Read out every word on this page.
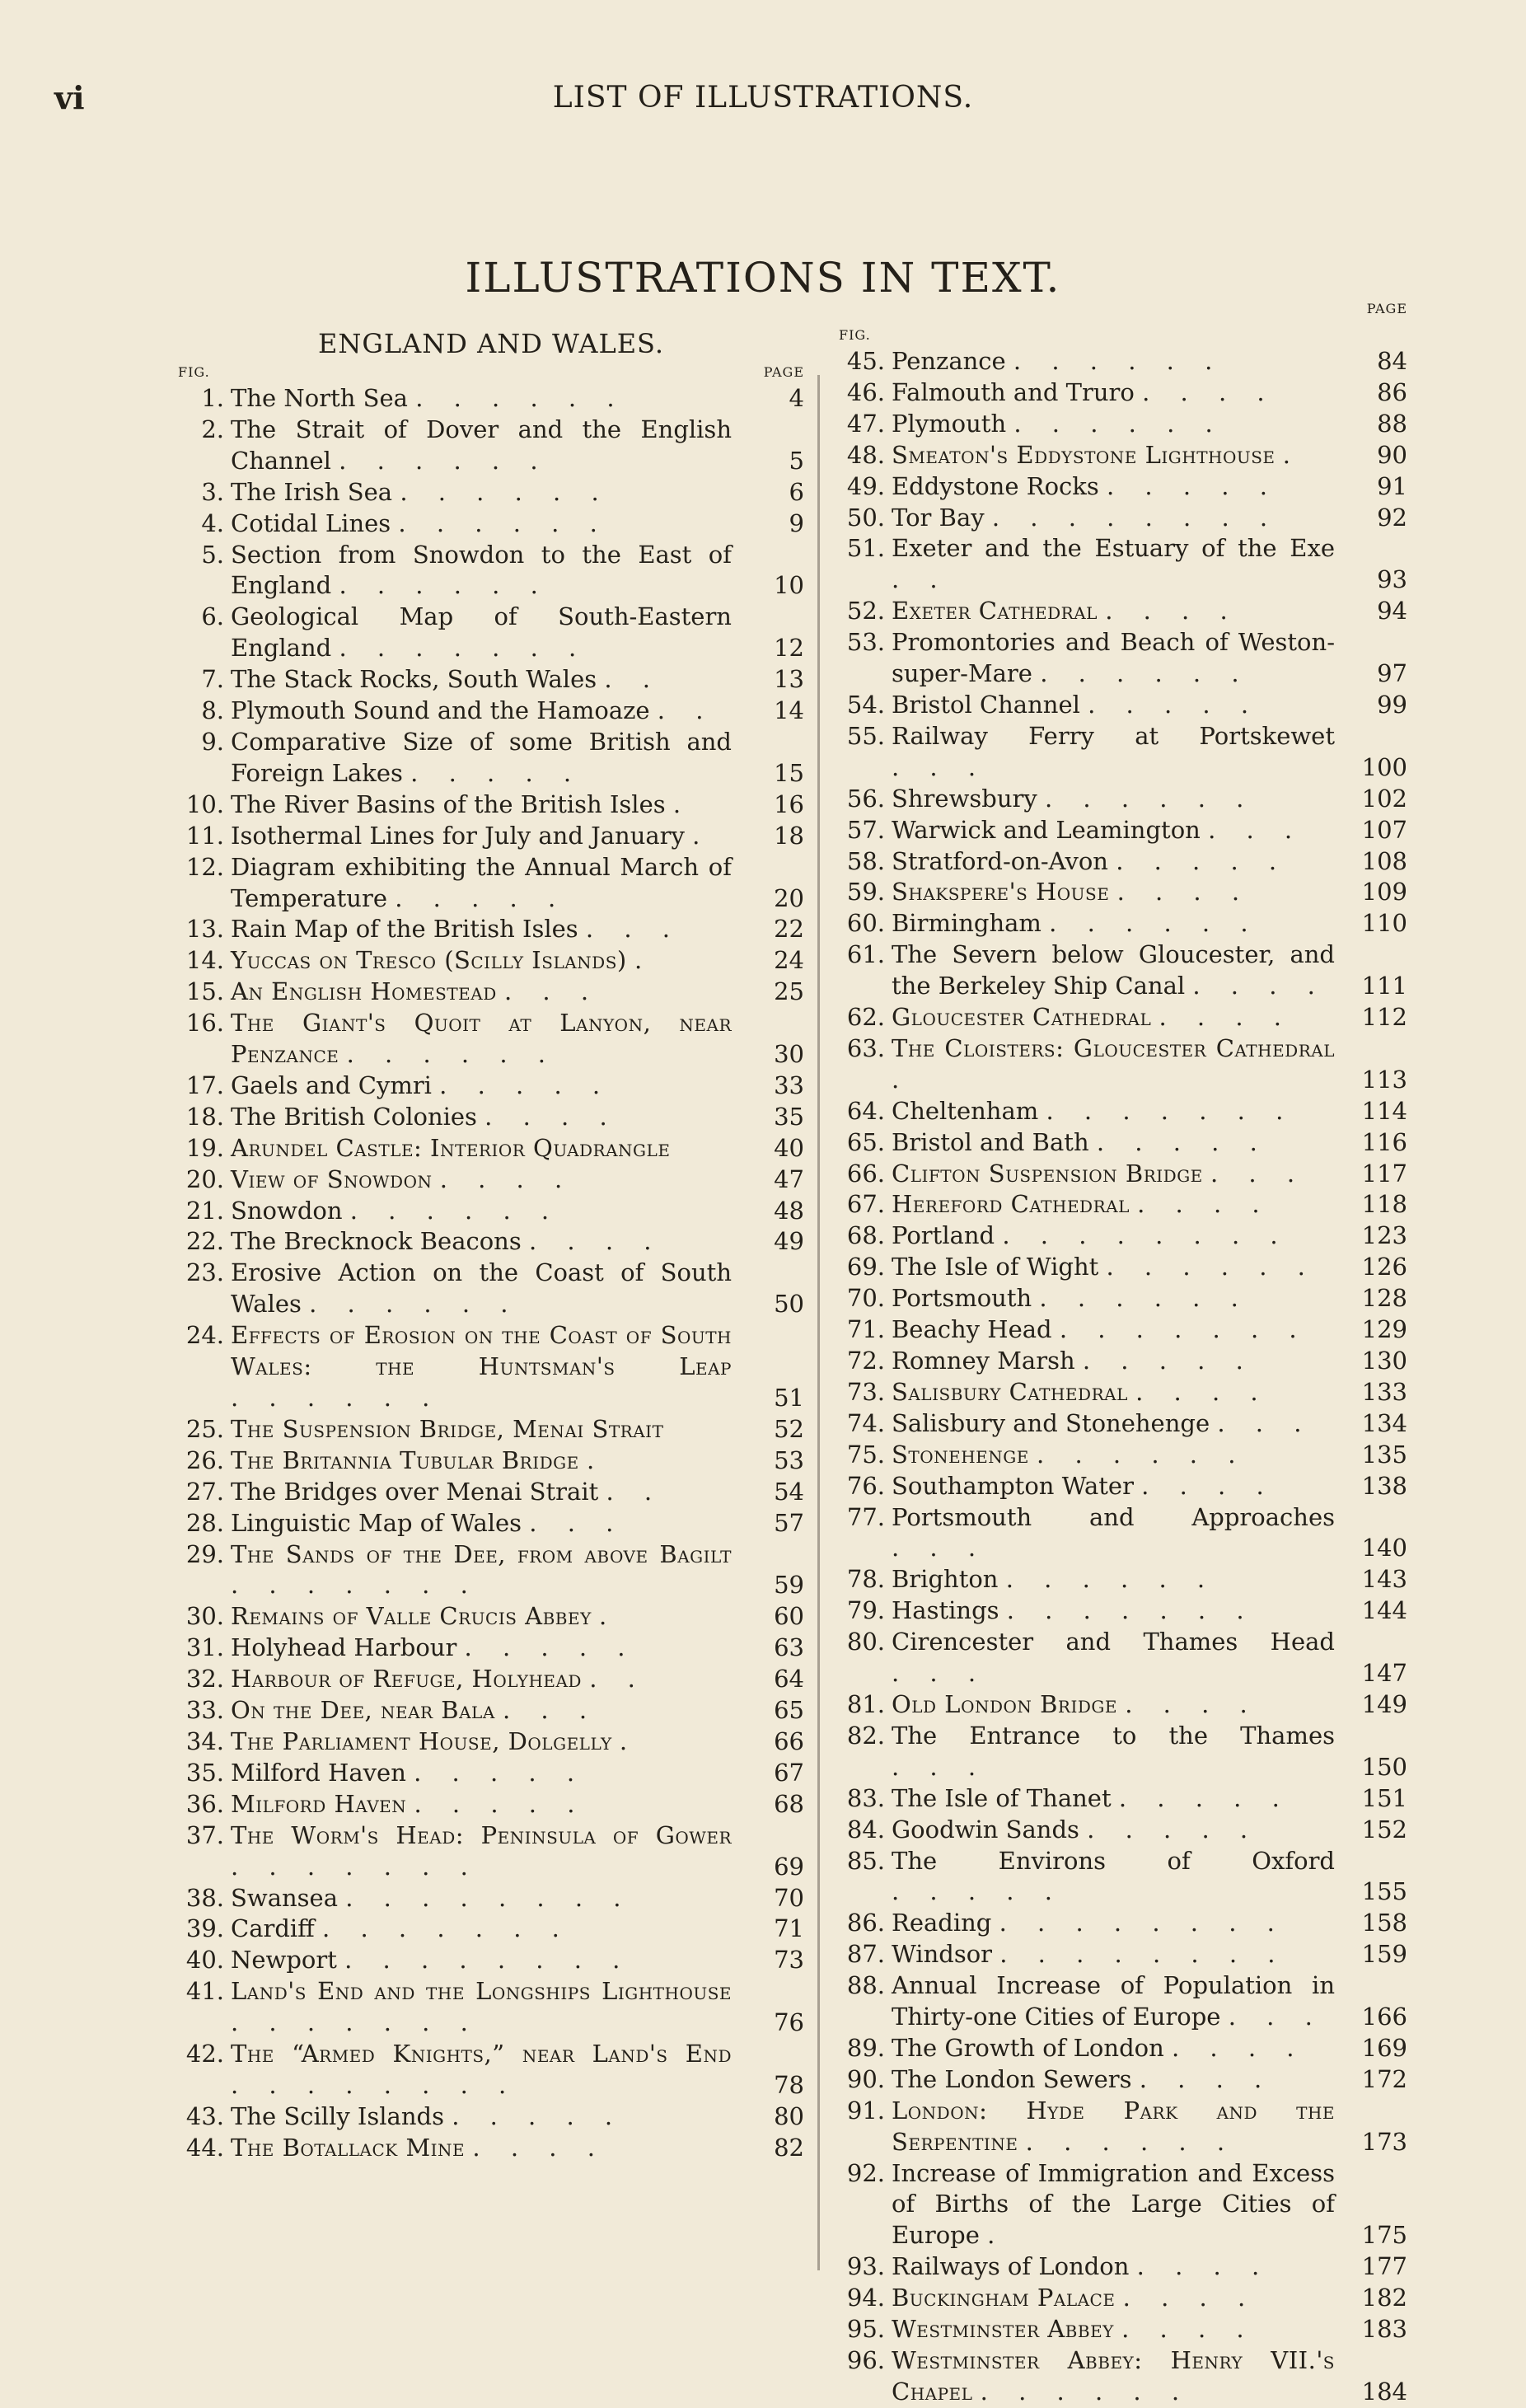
vi	LIST OF ILLUSTRATIONS.
ILLUSTRATIONS IN TEXT.
ENGLAND AND WALES.
FIG.	PAGE
1. The North Sea . . . . . .	4
2. The Strait of Dover and the English Channel . . . . . .	5
3. The Irish Sea . . . . . .	6
4. Cotidal Lines . . . . . .	9
5. Section from Snowdon to the East of England . . . . . .	10
6. Geological Map of South-Eastern England . . . . . . .	12
7. The Stack Rocks, South Wales . .	13
8. Plymouth Sound and the Hamoaze . .	14
9. Comparative Size of some British and Foreign Lakes . . . . .	15
10. The River Basins of the British Isles .	16
11. Isothermal Lines for July and January .	18
12. Diagram exhibiting the Annual March of Temperature . . . . .	20
13. Rain Map of the British Isles . . .	22
14. Yuccas on Tresco (Scilly Islands) .	24
15. An English Homestead . . .	25
16. The Giant's Quoit at Lanyon, near Penzance . . . . . .	30
17. Gaels and Cymri . . . . .	33
18. The British Colonies . . . .	35
19. Arundel Castle: Interior Quadrangle	40
20. View of Snowdon . . . .	47
21. Snowdon . . . . . .	48
22. The Brecknock Beacons . . . .	49
23. Erosive Action on the Coast of South Wales . . . . . .	50
24. Effects of Erosion on the Coast of South Wales: the Huntsman's Leap . . . . . .	51
25. The Suspension Bridge, Menai Strait	52
26. The Britannia Tubular Bridge .	53
27. The Bridges over Menai Strait . .	54
28. Linguistic Map of Wales . . .	57
29. The Sands of the Dee, from above Bagilt . . . . . . .	59
30. Remains of Valle Crucis Abbey .	60
31. Holyhead Harbour . . . . .	63
32. Harbour of Refuge, Holyhead . .	64
33. On the Dee, near Bala . . .	65
34. The Parliament House, Dolgelly .	66
35. Milford Haven . . . . .	67
36. Milford Haven . . . . .	68
37. The Worm's Head: Peninsula of Gower . . . . . . .	69
38. Swansea . . . . . . . .	70
39. Cardiff . . . . . . .	71
40. Newport . . . . . . . .	73
41. Land's End and the Longships Lighthouse . . . . . . .	76
42. The “Armed Knights,” near Land's End . . . . . . . .	78
43. The Scilly Islands . . . . .	80
44. The Botallack Mine . . . .	82
FIG.
PAGE
45. Penzance . . . . . .	84
46. Falmouth and Truro . . . .	86
47. Plymouth . . . . . .	88
48. Smeaton's Eddystone Lighthouse .	90
49. Eddystone Rocks . . . . .	91
50. Tor Bay . . . . . . . .	92
51. Exeter and the Estuary of the Exe . .	93
52. Exeter Cathedral . . . .	94
53. Promontories and Beach of Weston-super-Mare . . . . . .	97
54. Bristol Channel . . . . .	99
55. Railway Ferry at Portskewet . . .	100
56. Shrewsbury . . . . . .	102
57. Warwick and Leamington . . .	107
58. Stratford-on-Avon . . . . .	108
59. Shakspere's House . . . .	109
60. Birmingham . . . . . .	110
61. The Severn below Gloucester, and the Berkeley Ship Canal . . . .	111
62. Gloucester Cathedral . . . .	112
63. The Cloisters: Gloucester Cathedral .	113
64. Cheltenham . . . . . . .	114
65. Bristol and Bath . . . . .	116
66. Clifton Suspension Bridge . . .	117
67. Hereford Cathedral . . . .	118
68. Portland . . . . . . . .	123
69. The Isle of Wight . . . . . .	126
70. Portsmouth . . . . . .	128
71. Beachy Head . . . . . . .	129
72. Romney Marsh . . . . .	130
73. Salisbury Cathedral . . . .	133
74. Salisbury and Stonehenge . . .	134
75. Stonehenge . . . . . .	135
76. Southampton Water . . . .	138
77. Portsmouth and Approaches . . .	140
78. Brighton . . . . . .	143
79. Hastings . . . . . . .	144
80. Cirencester and Thames Head . . .	147
81. Old London Bridge . . . .	149
82. The Entrance to the Thames . . .	150
83. The Isle of Thanet . . . . .	151
84. Goodwin Sands . . . . .	152
85. The Environs of Oxford . . . . .	155
86. Reading . . . . . . . .	158
87. Windsor . . . . . . . .	159
88. Annual Increase of Population in Thirty-one Cities of Europe . . .	166
89. The Growth of London . . . .	169
90. The London Sewers . . . .	172
91. London: Hyde Park and the Serpentine . . . . . .	173
92. Increase of Immigration and Excess of Births of the Large Cities of Europe .	175
93. Railways of London . . . .	177
94. Buckingham Palace . . . .	182
95. Westminster Abbey . . . .	183
96. Westminster Abbey: Henry VII.'s Chapel . . . . . .	184
